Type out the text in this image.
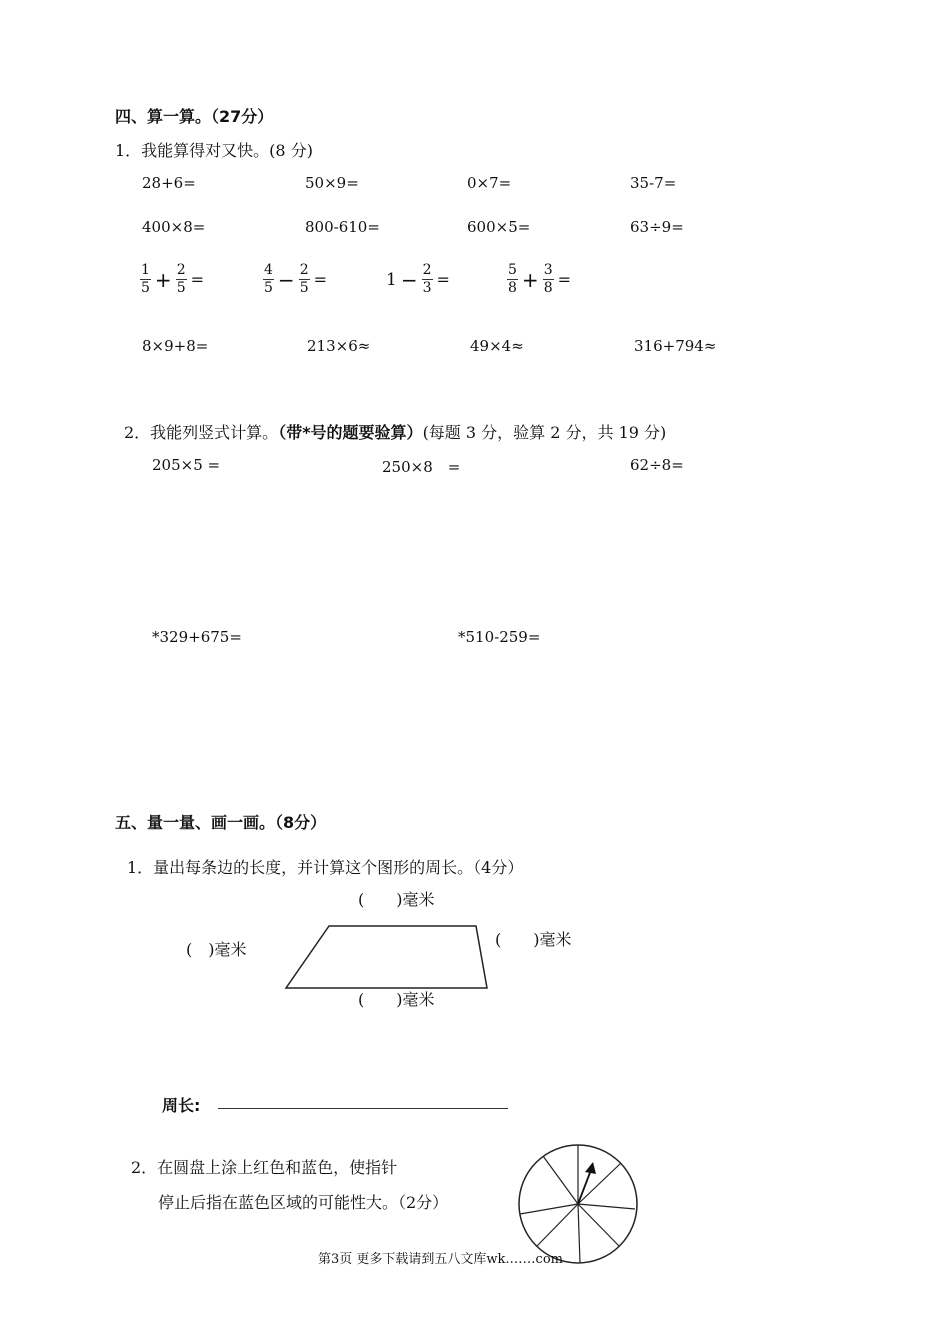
四、算一算。（27分）
1．我能算得对又快。(8 分)
28+6=	50×9=	0×7=	35-7=
400×8=	800-610=	600×5=	63÷9=
$\frac{1}{5} + \frac{2}{5}$ =	$\frac{4}{5} - \frac{2}{5}$ =	$1 - \frac{2}{3}$ =	$\frac{5}{8} + \frac{3}{8}$ =
8×9+8=	213×6≈	49×4≈	316+794≈
2．我能列竖式计算。（带*号的题要验算）(每题 3 分，验算 2 分，共 19 分)
205×5 =	250×8　=	62÷8=
*329+675=	*510-259=
五、量一量、画一画。（8分）
1．量出每条边的长度，并计算这个图形的周长。（4分）
(　　)毫米
(　)毫米
(　　)毫米
(　　)毫米
周长:
2．在圆盘上涂上红色和蓝色，使指针
停止后指在蓝色区域的可能性大。（2分）
第3页 更多下载请到五八文库wk.……com
